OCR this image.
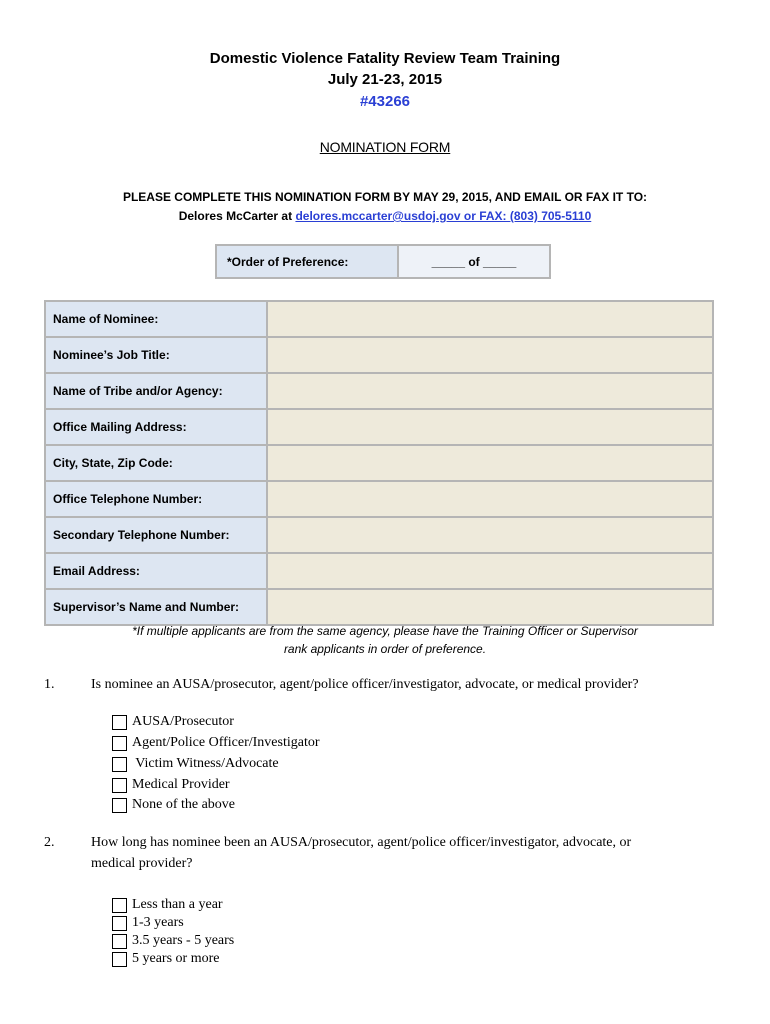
Domestic Violence Fatality Review Team Training
July 21-23, 2015
#43266
NOMINATION FORM
PLEASE COMPLETE THIS NOMINATION FORM BY MAY 29, 2015, AND EMAIL OR FAX IT TO:
Delores McCarter at delores.mccarter@usdoj.gov or FAX: (803) 705-5110
*Order of Preference:	_____ of _____
Name of Nominee:
Nominee’s Job Title:
Name of Tribe and/or Agency:
Office Mailing Address:
City, State, Zip Code:
Office Telephone Number:
Secondary Telephone Number:
Email Address:
Supervisor’s Name and Number:
*If multiple applicants are from the same agency, please have the Training Officer or Supervisor
rank applicants in order of preference.
1.	Is nominee an AUSA/prosecutor, agent/police officer/investigator, advocate, or medical provider?
AUSA/Prosecutor
Agent/Police Officer/Investigator
Victim Witness/Advocate
Medical Provider
None of the above
2.	How long has nominee been an AUSA/prosecutor, agent/police officer/investigator, advocate, or
medical provider?
Less than a year
1-3 years
3.5 years - 5 years
5 years or more
